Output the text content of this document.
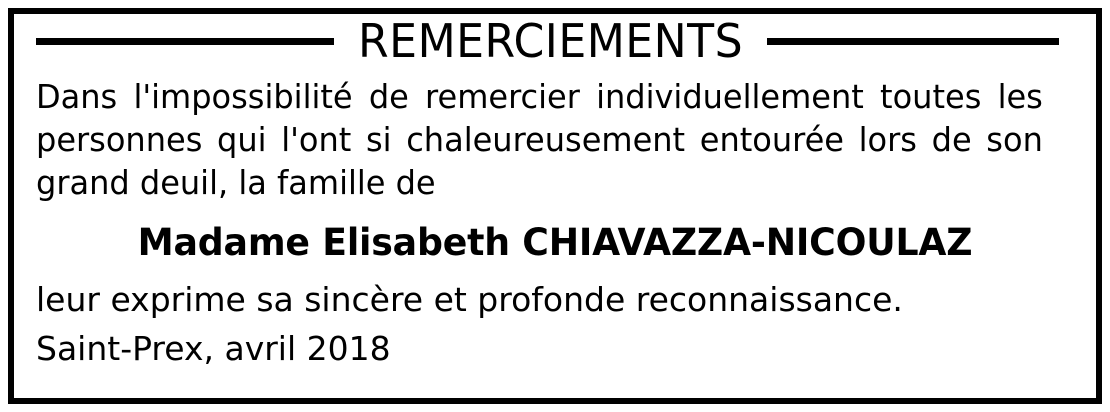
REMERCIEMENTS

Dans l'impossibilité de remercier individuellement toutes les personnes qui l'ont si chaleureusement entourée lors de son grand deuil, la famille de

Madame Elisabeth CHIAVAZZA-NICOULAZ

leur exprime sa sincère et profonde reconnaissance.

Saint-Prex, avril 2018
